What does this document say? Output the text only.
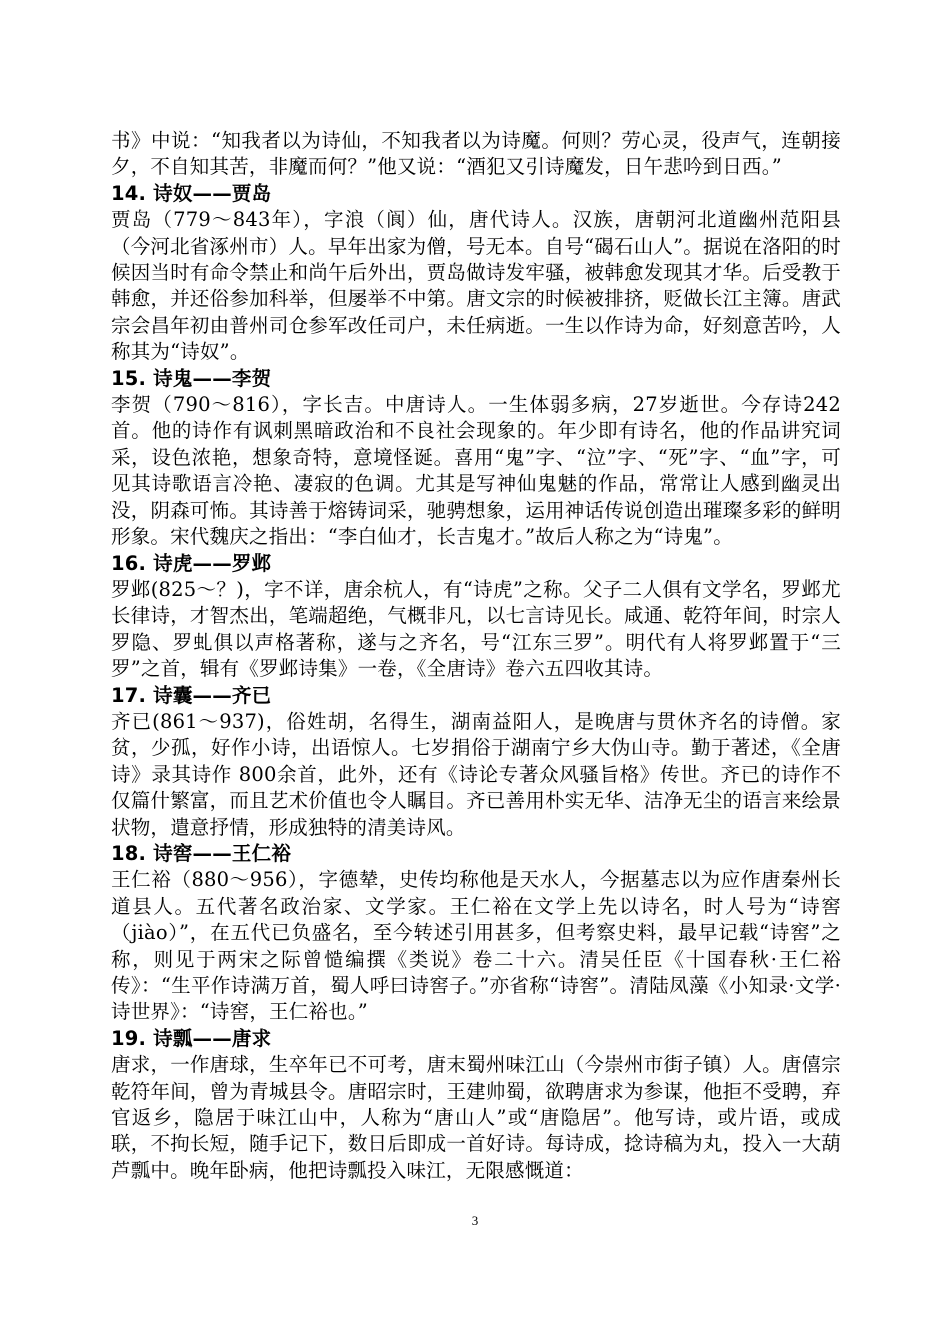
书》中说：“知我者以为诗仙，不知我者以为诗魔。何则？劳心灵，役声气，连朝接夕，不自知其苦，非魔而何？”他又说：“酒犯又引诗魔发，日午悲吟到日西。”

14. 诗奴——贾岛

贾岛（779～843年），字浪（阆）仙，唐代诗人。汉族，唐朝河北道幽州范阳县（今河北省涿州市）人。早年出家为僧，号无本。自号“碣石山人”。据说在洛阳的时候因当时有命令禁止和尚午后外出，贾岛做诗发牢骚，被韩愈发现其才华。后受教于韩愈，并还俗参加科举，但屡举不中第。唐文宗的时候被排挤，贬做长江主簿。唐武宗会昌年初由普州司仓参军改任司户，未任病逝。一生以作诗为命，好刻意苦吟，人称其为“诗奴”。

15. 诗鬼——李贺

李贺（790～816），字长吉。中唐诗人。一生体弱多病，27岁逝世。今存诗242首。他的诗作有讽刺黑暗政治和不良社会现象的。年少即有诗名，他的作品讲究词采，设色浓艳，想象奇特，意境怪诞。喜用“鬼”字、“泣”字、“死”字、“血”字，可见其诗歌语言冷艳、凄寂的色调。尤其是写神仙鬼魅的作品，常常让人感到幽灵出没，阴森可怖。其诗善于熔铸词采，驰骋想象，运用神话传说创造出璀璨多彩的鲜明形象。宋代魏庆之指出：“李白仙才，长吉鬼才。”故后人称之为“诗鬼”。

16. 诗虎——罗邺

罗邺(825～？)，字不详，唐余杭人，有“诗虎”之称。父子二人俱有文学名，罗邺尤长律诗，才智杰出，笔端超绝，气概非凡，以七言诗见长。咸通、乾符年间，时宗人罗隐、罗虬俱以声格著称，遂与之齐名，号“江东三罗”。明代有人将罗邺置于“三罗”之首，辑有《罗邺诗集》一卷，《全唐诗》卷六五四收其诗。

17. 诗囊——齐已

齐已(861～937)，俗姓胡，名得生，湖南益阳人，是晚唐与贯休齐名的诗僧。家贫，少孤，好作小诗，出语惊人。七岁捐俗于湖南宁乡大伪山寺。勤于著述，《全唐诗》录其诗作 800余首，此外，还有《诗论专著众风骚旨格》传世。齐已的诗作不仅篇什繁富，而且艺术价值也令人瞩目。齐已善用朴实无华、洁净无尘的语言来绘景状物，遣意抒情，形成独特的清美诗风。

18. 诗窖——王仁裕

王仁裕（880～956），字德辇，史传均称他是天水人，今据墓志以为应作唐秦州长道县人。五代著名政治家、文学家。王仁裕在文学上先以诗名，时人号为“诗窖（jiào）”，在五代已负盛名，至今转述引用甚多，但考察史料，最早记载“诗窖”之称，则见于两宋之际曾慥编撰《类说》卷二十六。清吴任臣《十国春秋·王仁裕传》：“生平作诗满万首，蜀人呼曰诗窖子。”亦省称“诗窖”。清陆凤藻《小知录·文学·诗世界》：“诗窖，王仁裕也。”

19. 诗瓢——唐求

唐求，一作唐球，生卒年已不可考，唐末蜀州味江山（今崇州市街子镇）人。唐僖宗乾符年间，曾为青城县令。唐昭宗时，王建帅蜀，欲聘唐求为参谋，他拒不受聘，弃官返乡，隐居于味江山中，人称为“唐山人”或“唐隐居”。他写诗，或片语，或成联，不拘长短，随手记下，数日后即成一首好诗。每诗成，捻诗稿为丸，投入一大葫芦瓢中。晚年卧病，他把诗瓢投入味江，无限感慨道：

3
